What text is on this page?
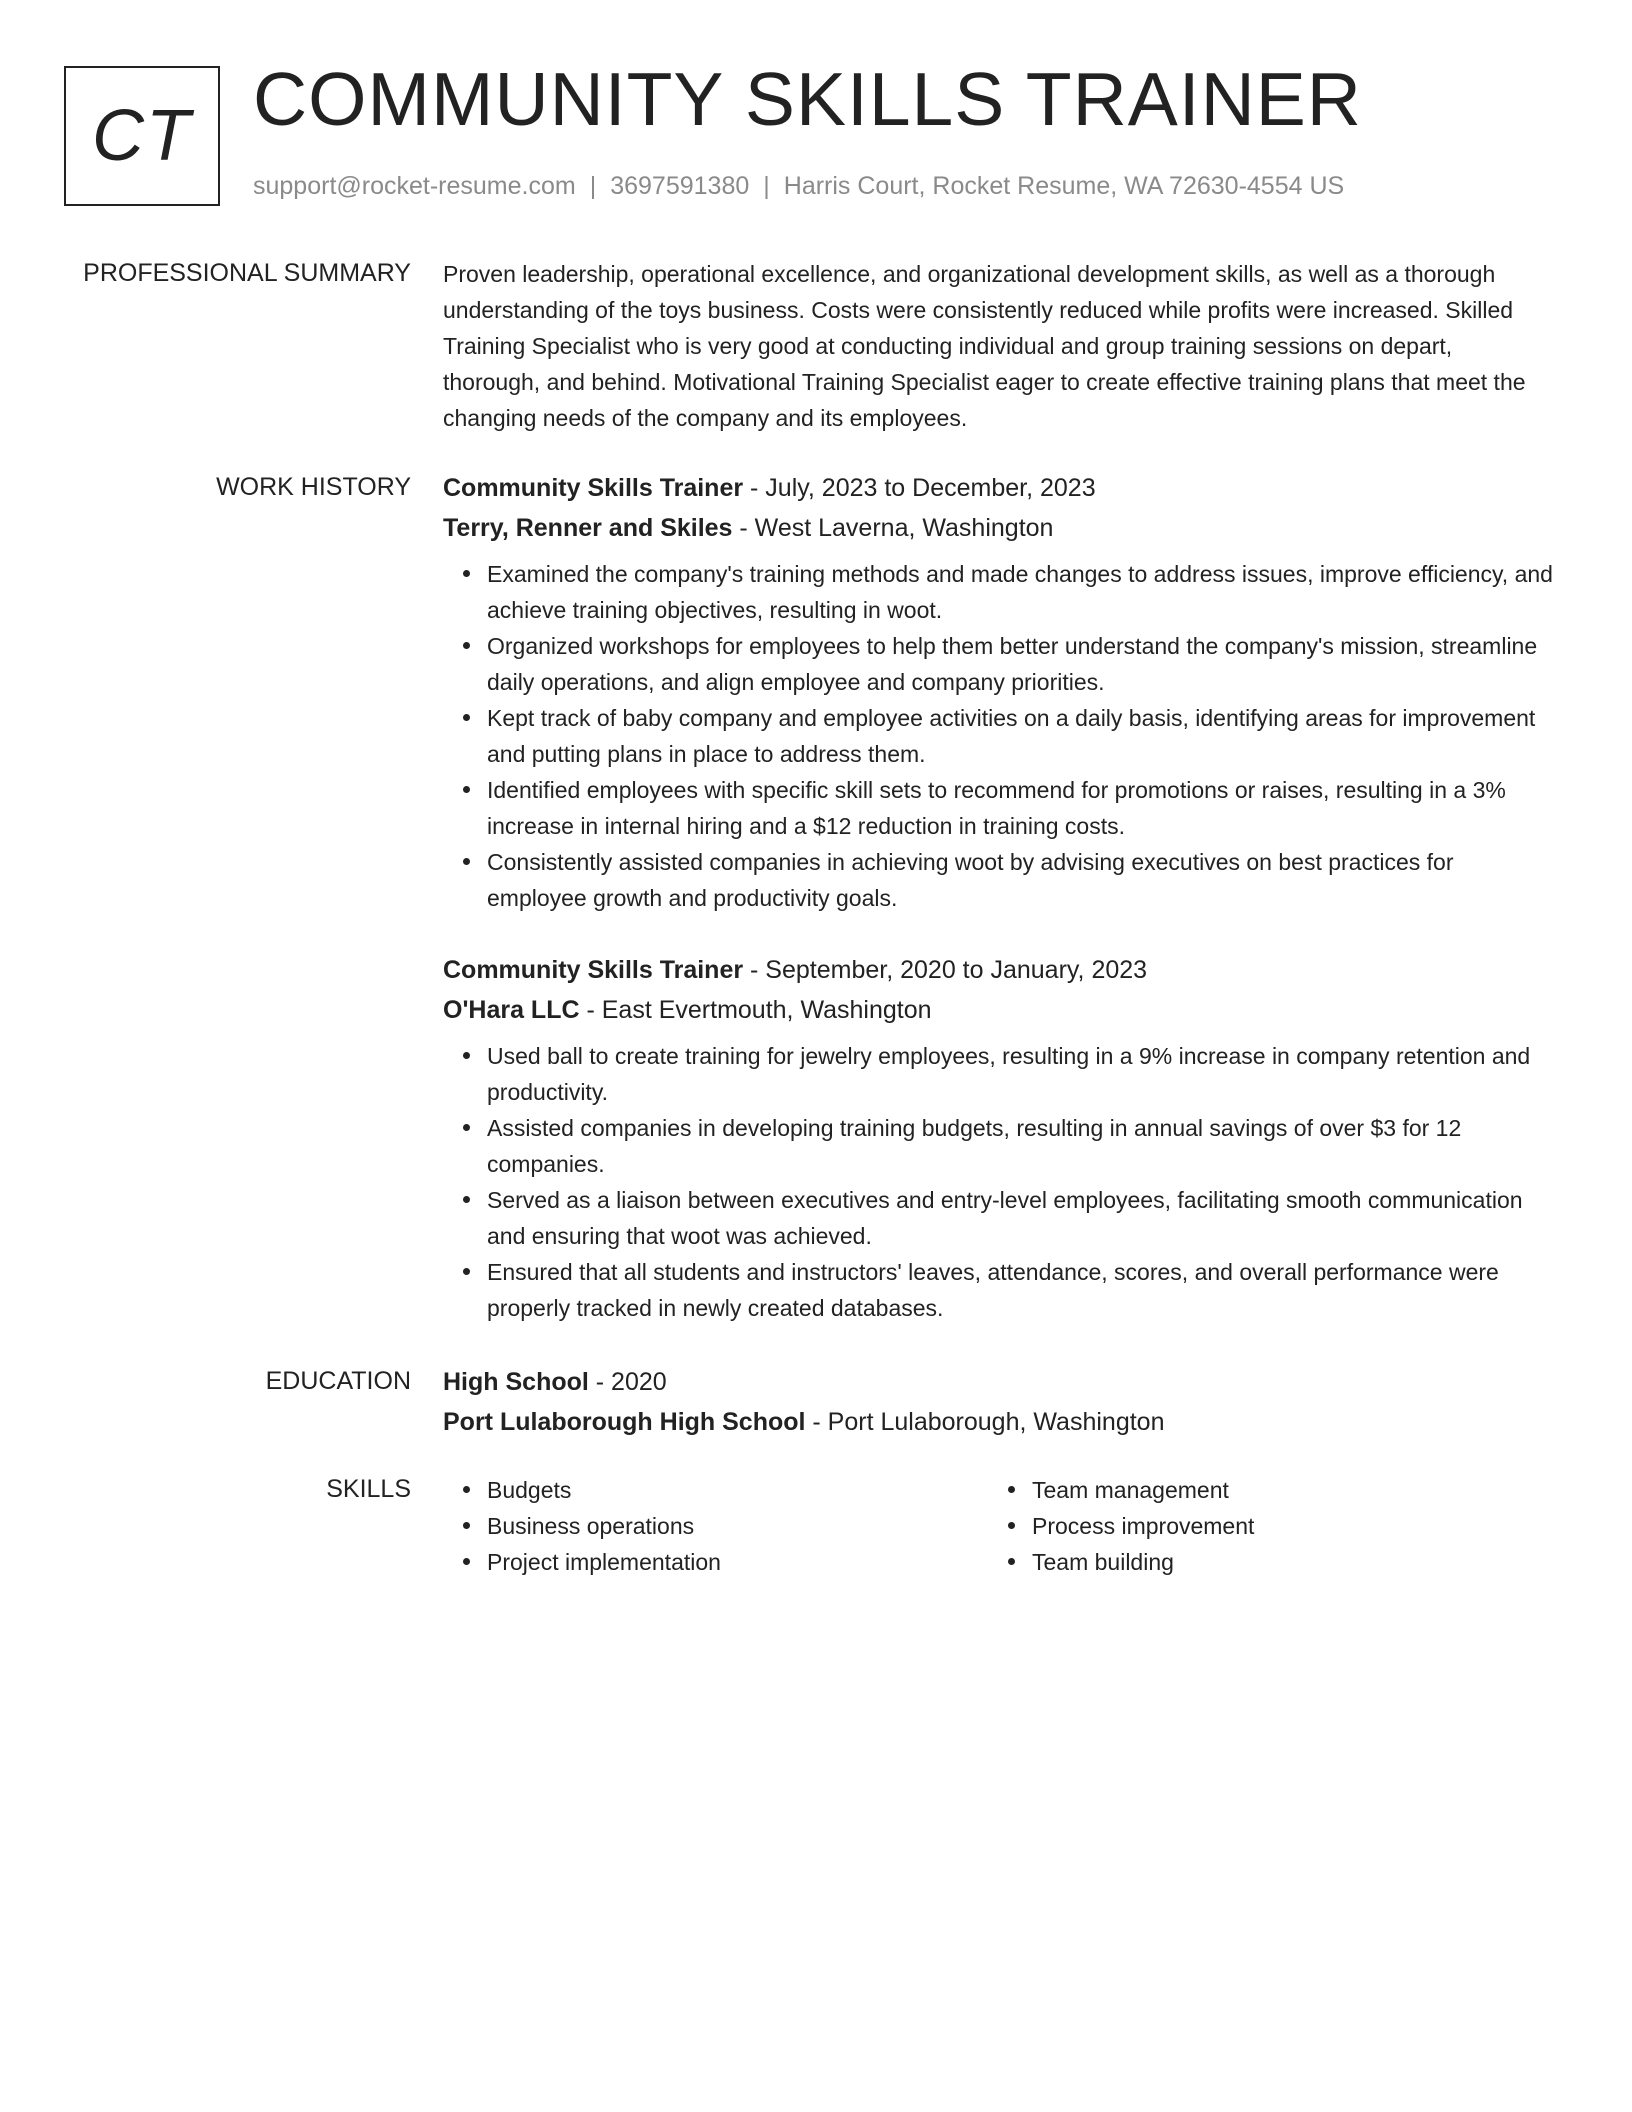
CT COMMUNITY SKILLS TRAINER
support@rocket-resume.com | 3697591380 | Harris Court, Rocket Resume, WA 72630-4554 US
PROFESSIONAL SUMMARY Proven leadership, operational excellence, and organizational development skills, as well as a thorough understanding of the toys business. Costs were consistently reduced while profits were increased. Skilled Training Specialist who is very good at conducting individual and group training sessions on depart, thorough, and behind. Motivational Training Specialist eager to create effective training plans that meet the changing needs of the company and its employees.

WORK HISTORY Community Skills Trainer - July, 2023 to December, 2023
Terry, Renner and Skiles - West Laverna, Washington
Examined the company's training methods and made changes to address issues, improve efficiency, and achieve training objectives, resulting in woot.
Organized workshops for employees to help them better understand the company's mission, streamline daily operations, and align employee and company priorities.
Kept track of baby company and employee activities on a daily basis, identifying areas for improvement and putting plans in place to address them.
Identified employees with specific skill sets to recommend for promotions or raises, resulting in a 3% increase in internal hiring and a $12 reduction in training costs.
Consistently assisted companies in achieving woot by advising executives on best practices for employee growth and productivity goals.
Community Skills Trainer - September, 2020 to January, 2023
O'Hara LLC - East Evertmouth, Washington
Used ball to create training for jewelry employees, resulting in a 9% increase in company retention and productivity.
Assisted companies in developing training budgets, resulting in annual savings of over $3 for 12 companies.
Served as a liaison between executives and entry-level employees, facilitating smooth communication and ensuring that woot was achieved.
Ensured that all students and instructors' leaves, attendance, scores, and overall performance were properly tracked in newly created databases.
EDUCATION High School - 2020
Port Lulaborough High School - Port Lulaborough, Washington
SKILLS	Budgets
Business operations
Project implementation
Team management
Process improvement
Team building
